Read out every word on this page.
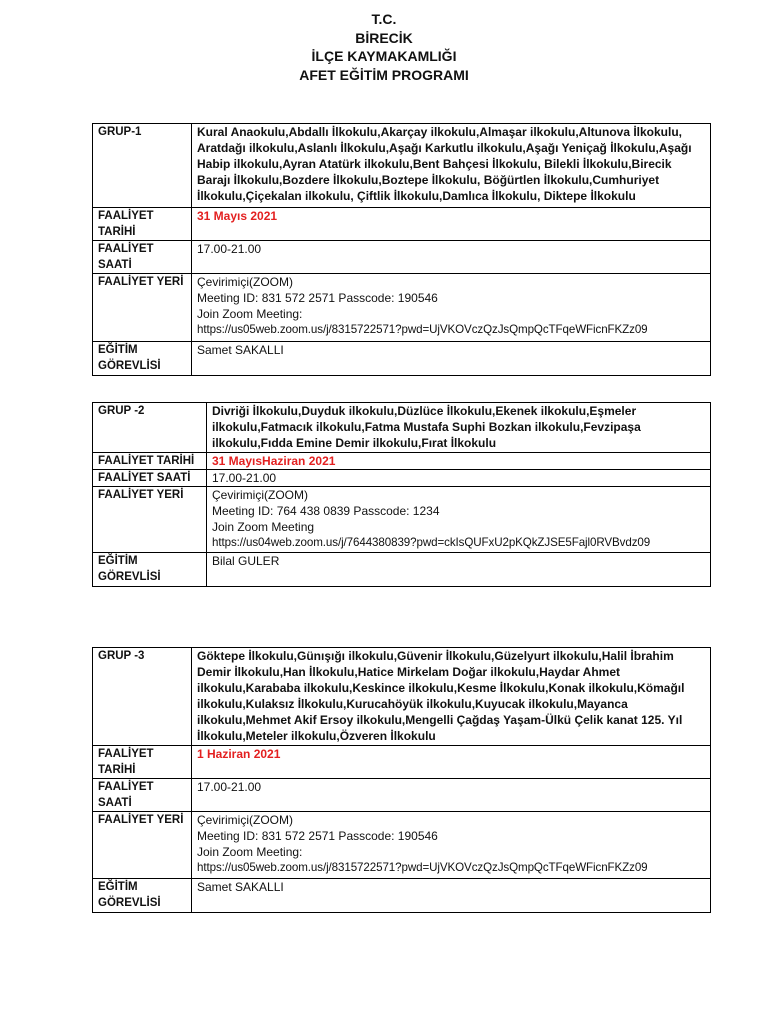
T.C.
BİRECİK
İLÇE KAYMAKAMLIĞI
AFET EĞİTİM PROGRAMI
GRUP-1	Kural Anaokulu,Abdallı İlkokulu,Akarçay ilkokulu,Almaşar ilkokulu,Altunova İlkokulu, Aratdağı ilkokulu,Aslanlı İlkokulu,Aşağı Karkutlu ilkokulu,Aşağı Yeniçağ İlkokulu,Aşağı Habip ilkokulu,Ayran Atatürk ilkokulu,Bent Bahçesi İlkokulu, Bilekli İlkokulu,Birecik Barajı İlkokulu,Bozdere İlkokulu,Boztepe İlkokulu, Böğürtlen İlkokulu,Cumhuriyet İlkokulu,Çiçekalan ilkokulu, Çiftlik İlkokulu,Damlıca İlkokulu, Diktepe İlkokulu
FAALİYET TARİHİ	31 Mayıs 2021
FAALİYET SAATİ	17.00-21.00
FAALİYET YERİ	Çevirimiçi(ZOOM)
Meeting ID: 831 572 2571 Passcode: 190546
Join Zoom Meeting:
https://us05web.zoom.us/j/8315722571?pwd=UjVKOVczQzJsQmpQcTFqeWFicnFKZz09

EĞİTİM GÖREVLİSİ	Samet SAKALLI
GRUP -2	Divriği İlkokulu,Duyduk ilkokulu,Düzlüce İlkokulu,Ekenek ilkokulu,Eşmeler ilkokulu,Fatmacık ilkokulu,Fatma Mustafa Suphi Bozkan ilkokulu,Fevzipaşa ilkokulu,Fıdda Emine Demir ilkokulu,Fırat İlkokulu
FAALİYET TARİHİ	31 MayısHaziran 2021
FAALİYET SAATİ	17.00-21.00
FAALİYET YERİ	Çevirimiçi(ZOOM)
Meeting ID: 764 438 0839 Passcode: 1234
Join Zoom Meeting
https://us04web.zoom.us/j/7644380839?pwd=ckIsQUFxU2pKQkZJSE5Fajl0RVBvdz09

EĞİTİM GÖREVLİSİ	Bilal GULER
GRUP -3	Göktepe İlkokulu,Günışığı ilkokulu,Güvenir İlkokulu,Güzelyurt ilkokulu,Halil İbrahim Demir İlkokulu,Han İlkokulu,Hatice Mirkelam Doğar ilkokulu,Haydar Ahmet ilkokulu,Karababa ilkokulu,Keskince ilkokulu,Kesme İlkokulu,Konak ilkokulu,Kömağıl ilkokulu,Kulaksız İlkokulu,Kurucahöyük ilkokulu,Kuyucak ilkokulu,Mayanca ilkokulu,Mehmet Akif Ersoy ilkokulu,Mengelli Çağdaş Yaşam-Ülkü Çelik kanat 125. Yıl İlkokulu,Meteler ilkokulu,Özveren İlkokulu
FAALİYET TARİHİ	1 Haziran 2021
FAALİYET SAATİ	17.00-21.00
FAALİYET YERİ	Çevirimiçi(ZOOM)
Meeting ID: 831 572 2571 Passcode: 190546
Join Zoom Meeting:
https://us05web.zoom.us/j/8315722571?pwd=UjVKOVczQzJsQmpQcTFqeWFicnFKZz09

EĞİTİM GÖREVLİSİ	Samet SAKALLI
